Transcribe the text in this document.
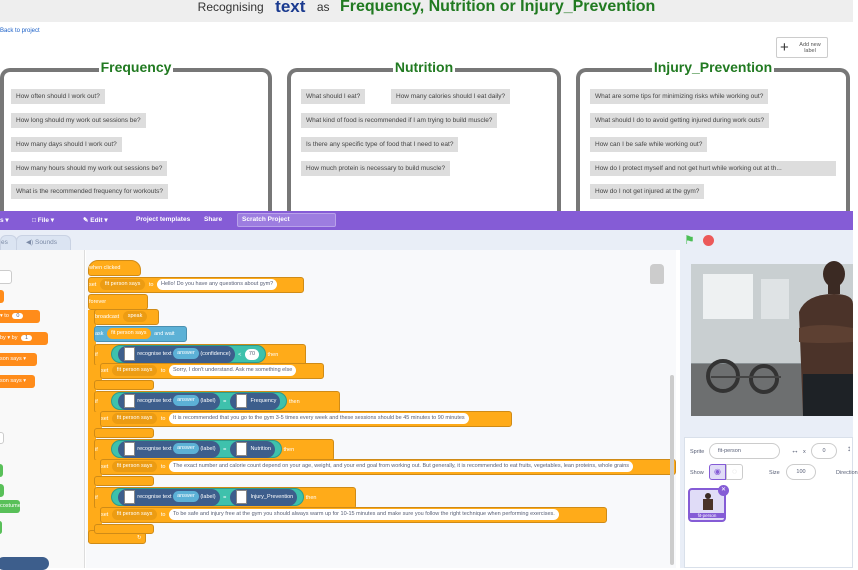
Recognising text as Frequency, Nutrition or Injury_Prevention
Back to project
+	Add new label
Frequency
How often should I work out?
How long should my work out sessions be?
How many days should I work out?
How many hours should my work out sessions be?
What is the recommended frequency for workouts?
Nutrition
What should I eat?	How many calories should I eat daily?
What kind of food is recommended if I am trying to build muscle?
Is there any specific type of food that I need to eat?
How much protein is necessary to build muscle?
Injury_Prevention
What are some tips for minimizing risks while working out?
What should I do to avoid getting injured during work outs?
How can I be safe while working out?
How do I protect myself and not get hurt while working out at th...
How do I not get injured at the gym?
s ▾	□ File ▾	✎ Edit ▾	Project templates Share	Scratch Project
es	◀) Sounds	⚑
▾ to 0
by ▾ by 1
son says ▾
son says ▾
costume
when clicked
set fit person says to Hello! Do you have any questions about gym?
forever
↻
broadcast speak
ask fit person says and wait
if	recognise text answer (confidence) < 70 then
set fit person says to Sorry, I don't understand. Ask me something else
if	recognise text answer (label) =	Frequency then
set fit person says to It is recommended that you go to the gym 3-5 times every week and these sessions should be 45 minutes to 90 minutes
if	recognise text answer (label) =	Nutrition then
set fit person says to The exact number and calorie count depend on your age, weight, and your end goal from working out. But generally, it is recommended to eat fruits, vegetables, lean proteins, whole grains
if	recognise text answer (label) =	Injury_Prevention then
set fit person says to To be safe and injury free at the gym you should always warm up for 10-15 minutes and make sure you follow the right technique when performing exercises.
Sprite	fit-person	↔ x	0	↕
Show	◉	◌	Size	100	Direction
fit-person
✕
